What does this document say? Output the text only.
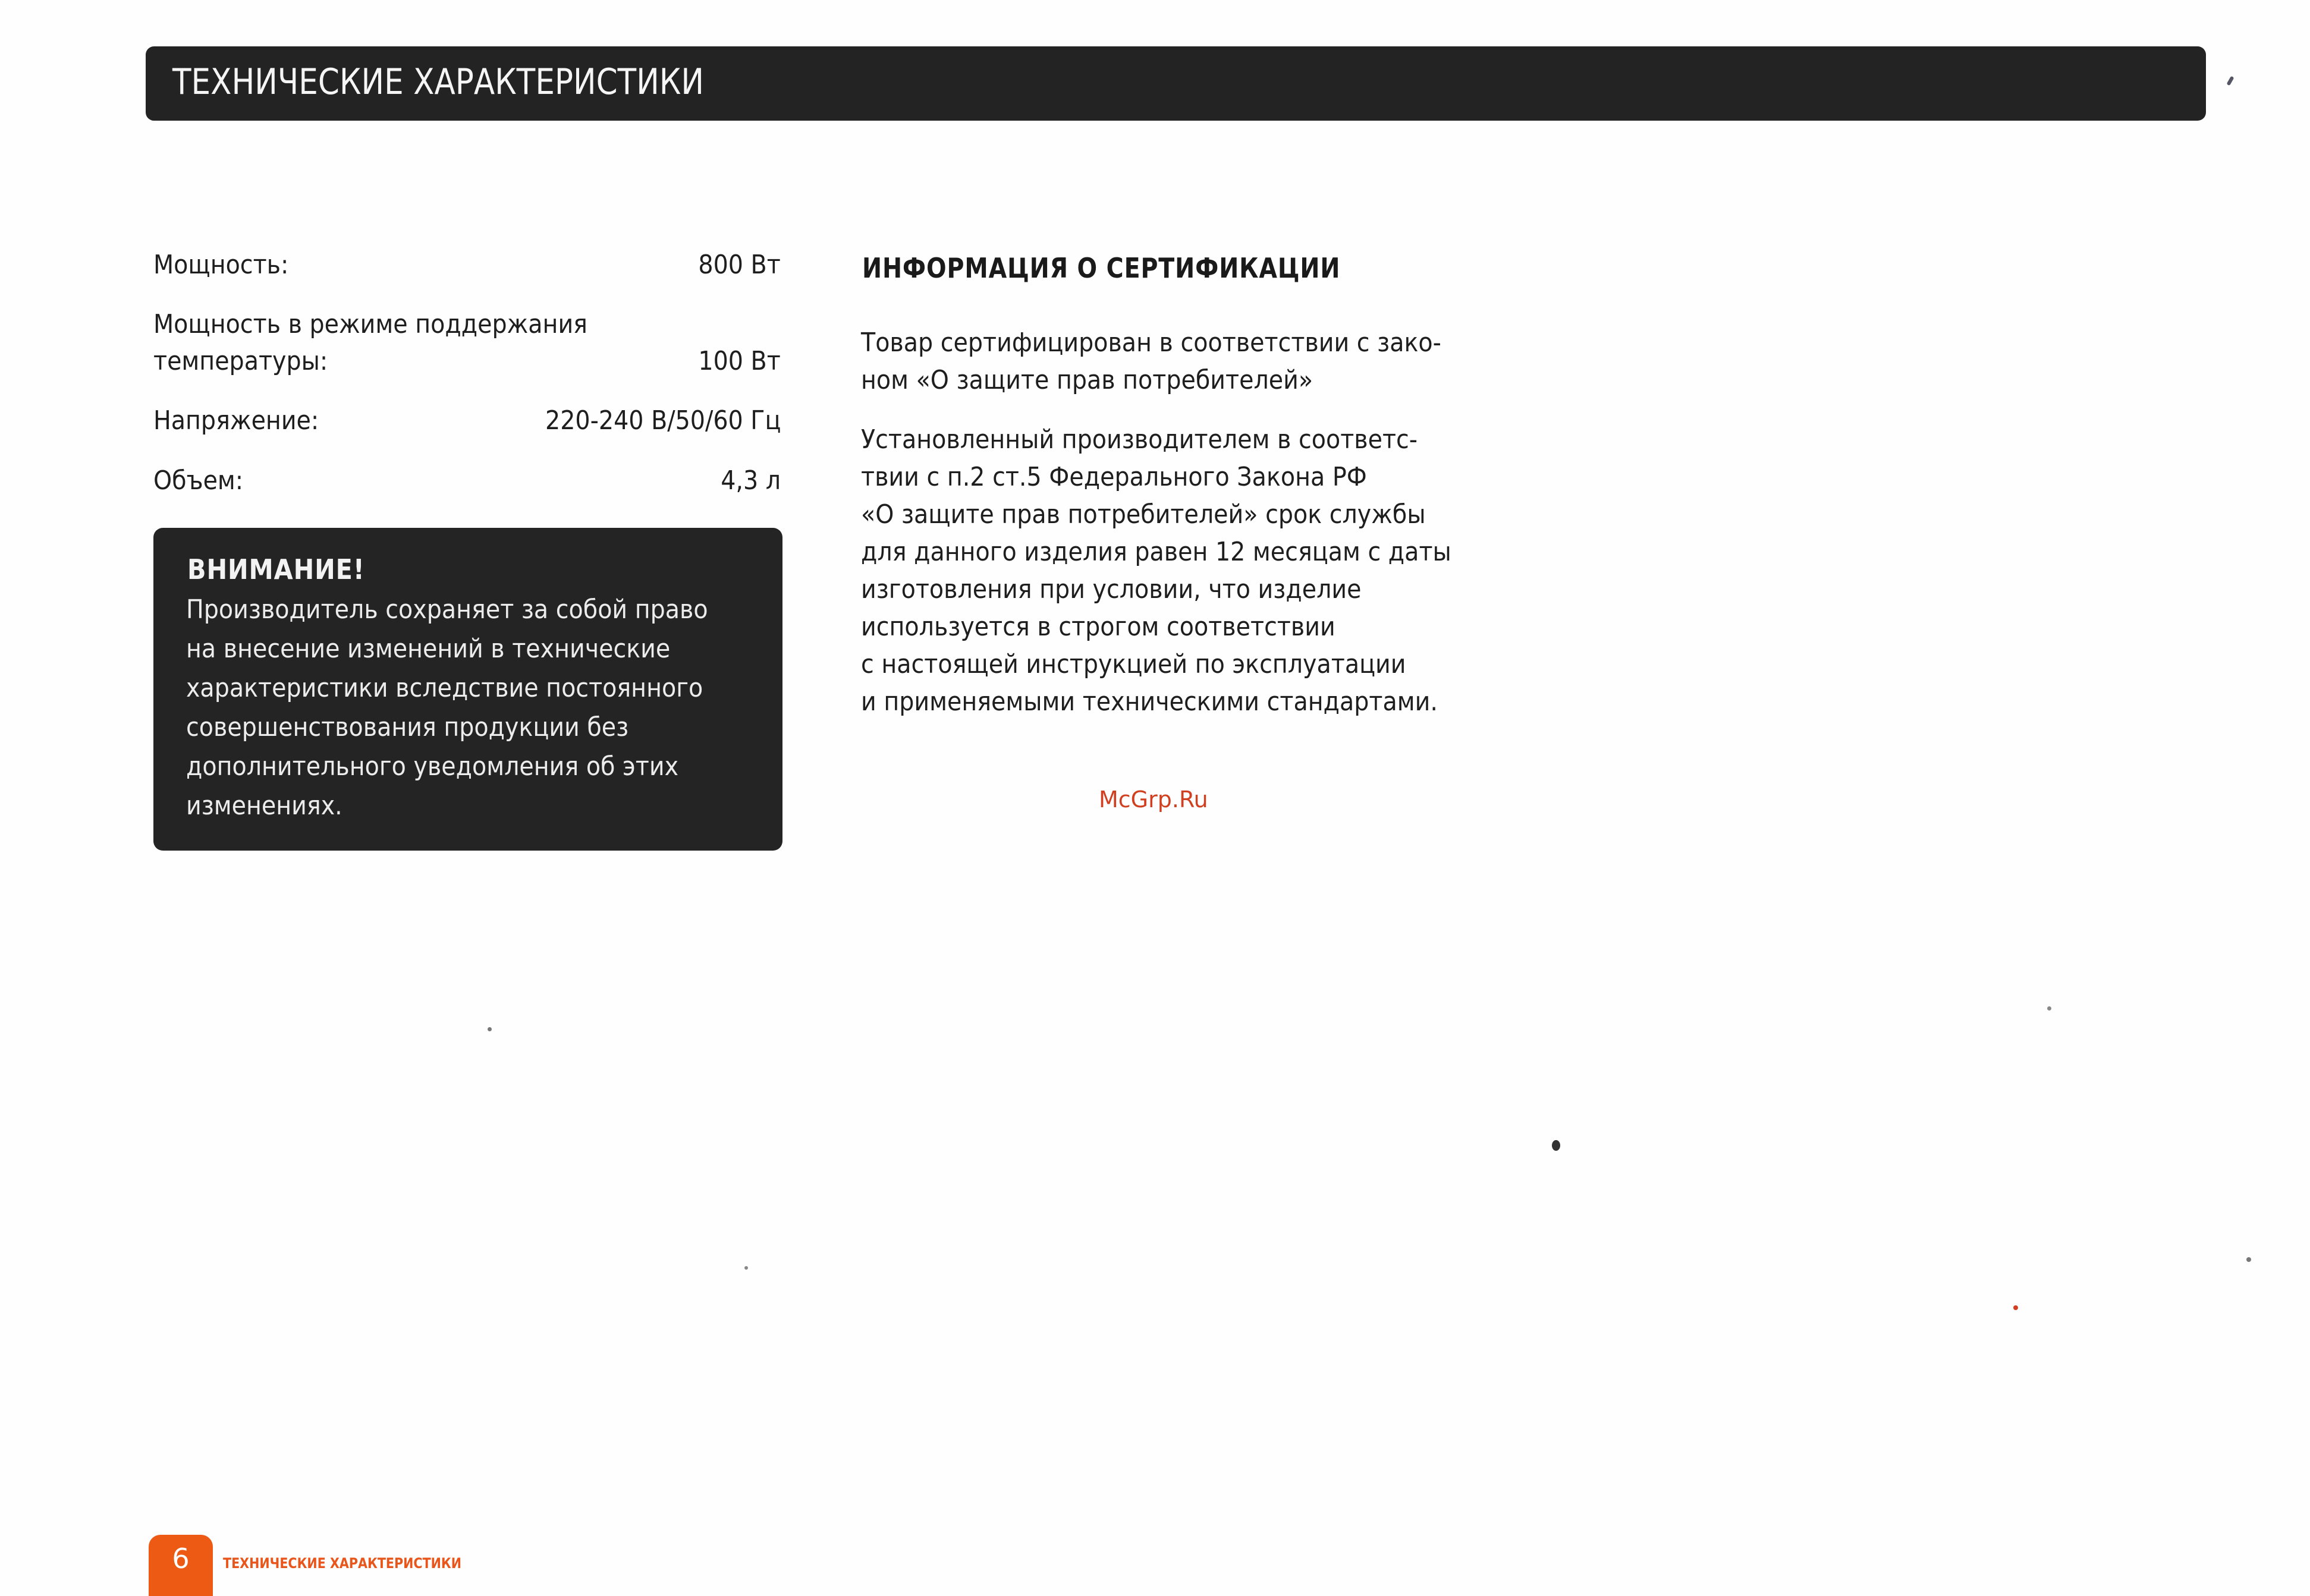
ТЕХНИЧЕСКИЕ ХАРАКТЕРИСТИКИ
Мощность:	800 Вт
Мощность в режиме поддержания
температуры:	100 Вт
Напряжение:	220-240 В/50/60 Гц
Объем:	4,3 л
ВНИМАНИЕ!
Производитель сохраняет за собой право
на внесение изменений в технические
характеристики вследствие постоянного
совершенствования продукции без
дополнительного уведомления об этих
изменениях.
ИНФОРМАЦИЯ О СЕРТИФИКАЦИИ
Товар сертифицирован в соответствии с зако-
ном «О защите прав потребителей»
Установленный производителем в соответс-
твии с п.2 ст.5 Федерального Закона РФ
«О защите прав потребителей» срок службы
для данного изделия равен 12 месяцам с даты
изготовления при условии, что изделие
используется в строгом соответствии
с настоящей инструкцией по эксплуатации
и применяемыми техническими стандартами.
McGrp.Ru
6	ТЕХНИЧЕСКИЕ ХАРАКТЕРИСТИКИ
